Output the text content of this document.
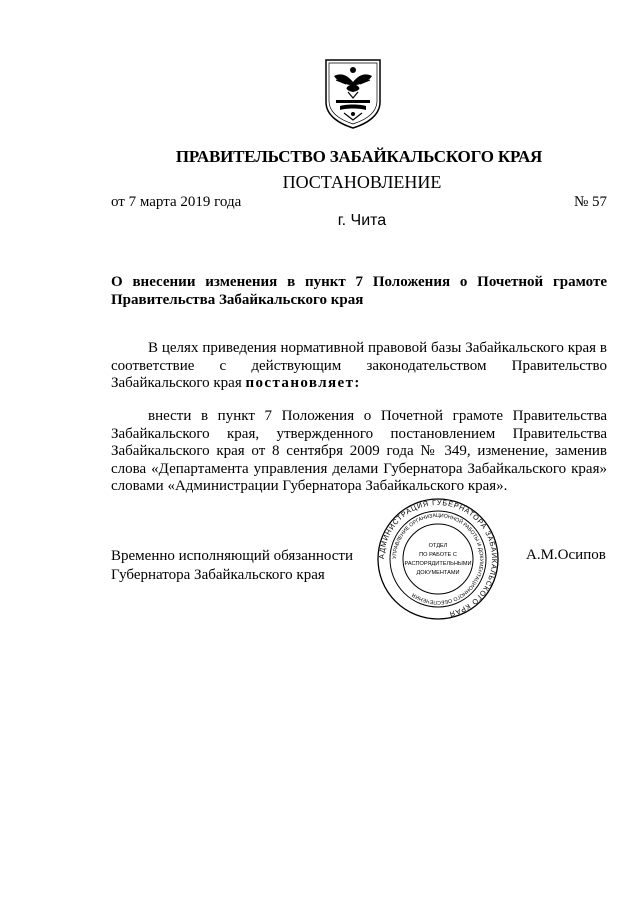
ПРАВИТЕЛЬСТВО ЗАБАЙКАЛЬСКОГО КРАЯ
ПОСТАНОВЛЕНИЕ
от 7 марта 2019 года	№ 57
г. Чита
О внесении изменения в пункт 7 Положения о Почетной грамоте Правительства Забайкальского края
В целях приведения нормативной правовой базы Забайкальского края в соответствие с действующим законодательством Правительство Забайкальского края постановляет:
внести в пункт 7 Положения о Почетной грамоте Правительства Забайкальского края, утвержденного постановлением Правительства Забайкальского края от 8 сентября 2009 года № 349, изменение, заменив слова «Департамента управления делами Губернатора Забайкальского края» словами «Администрации Губернатора Забайкальского края».
Временно исполняющий обязанности
Губернатора Забайкальского края
А.М.Осипов
АДМИНИСТРАЦИЯ ГУБЕРНАТОРА ЗАБАЙКАЛЬСКОГО КРАЯ
УПРАВЛЕНИЕ ОРГАНИЗАЦИОННОЙ РАБОТЫ И ДОКУМЕНТАЦИОННОГО ОБЕСПЕЧЕНИЯ
ОТДЕЛ
ПО РАБОТЕ С
РАСПОРЯДИТЕЛЬНЫМИ
ДОКУМЕНТАМИ
